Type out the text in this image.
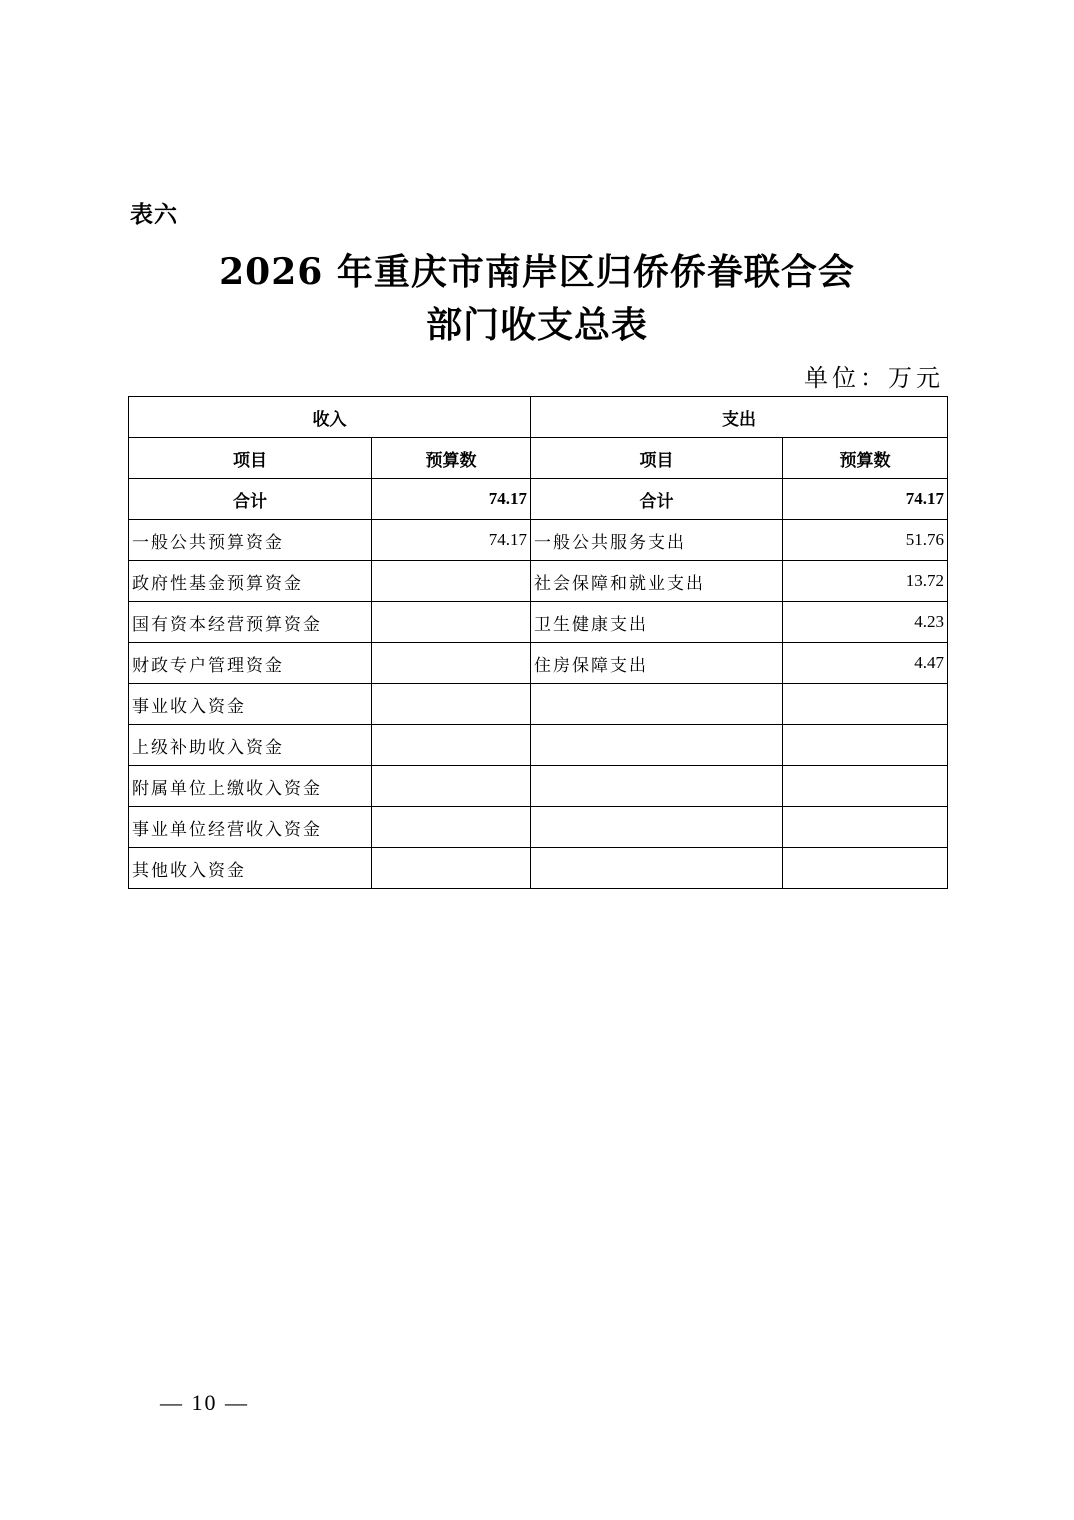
表六
2026 年重庆市南岸区归侨侨眷联合会
部门收支总表
单位：万元
收入		支出	
项目	预算数	项目	预算数
合计	74.17	合计	74.17
一般公共预算资金	74.17	一般公共服务支出	51.76
政府性基金预算资金		社会保障和就业支出	13.72
国有资本经营预算资金		卫生健康支出	4.23
财政专户管理资金		住房保障支出	4.47
事业收入资金			
上级补助收入资金			
附属单位上缴收入资金			
事业单位经营收入资金			
其他收入资金			
— 10 —
